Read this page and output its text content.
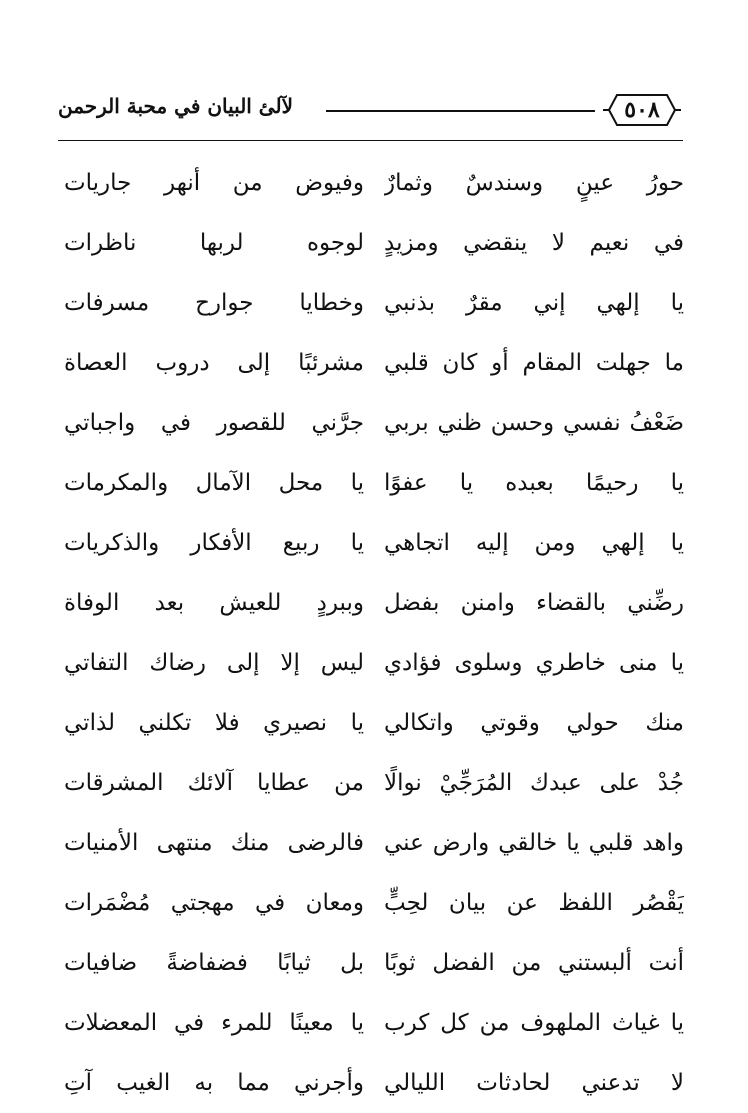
لآلئ البيان في محبة الرحمن	٥٠٨
حورُ عينٍ وسندسٌ وثمارٌ
وفيوض من أنهر جاريات
في نعيم لا ينقضي ومزيدٍ
لوجوه لربها ناظرات
يا إلهي إني مقرٌ بذنبي
وخطايا جوارح مسرفات
ما جهلت المقام أو كان قلبي
مشرئبًا إلى دروب العصاة
ضَعْفُ نفسي وحسن ظني بربي
جرَّني للقصور في واجباتي
يا رحيمًا بعبده يا عفوًا
يا محل الآمال والمكرمات
يا إلهي ومن إليه اتجاهي
يا ربيع الأفكار والذكريات
رضِّني بالقضاء وامنن بفضل
وببردٍ للعيش بعد الوفاة
يا منى خاطري وسلوى فؤادي
ليس إلا إلى رضاك التفاتي
منك حولي وقوتي واتكالي
يا نصيري فلا تكلني لذاتي
جُدْ على عبدك المُرَجِّيْ نوالًا
من عطايا آلائك المشرقات
واهد قلبي يا خالقي وارض عني
فالرضى منك منتهى الأمنيات
يَقْصُر اللفظ عن بيان لحِبٍّ
ومعان في مهجتي مُضْمَرات
أنت ألبستني من الفضل ثوبًا
بل ثيابًا فضفاضةً ضافيات
يا غياث الملهوف من كل كرب
يا معينًا للمرء في المعضلات
لا تدعني لحادثات الليالي
وأجرني مما به الغيب آتِ
